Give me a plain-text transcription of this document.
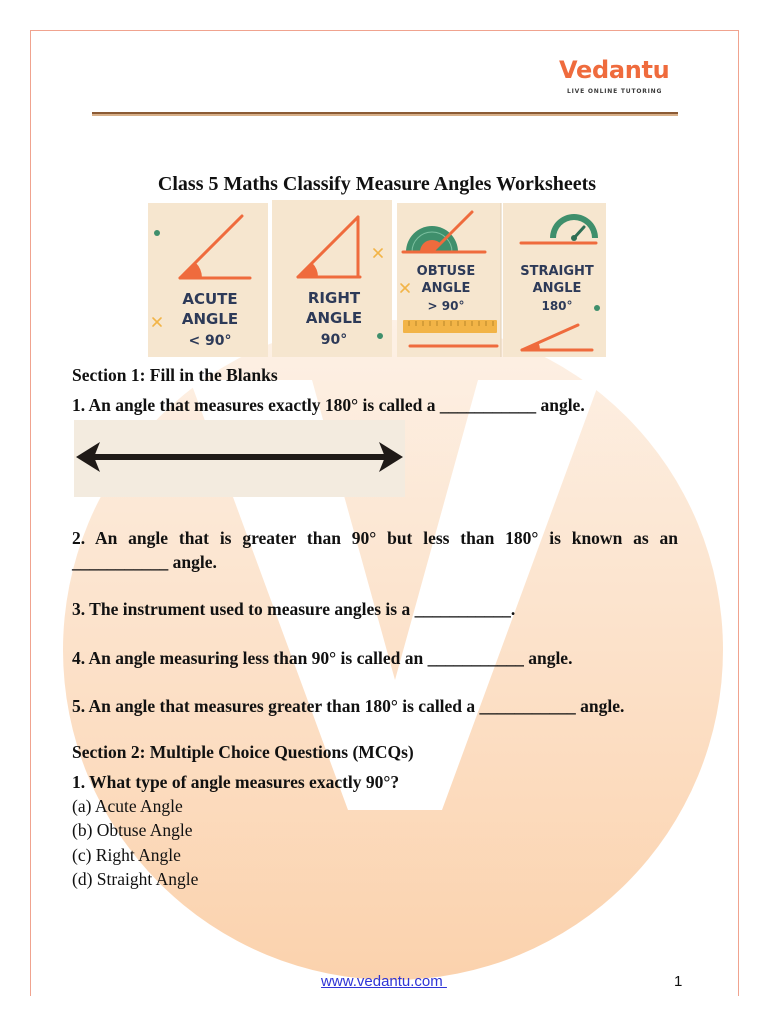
Vedantu
LIVE ONLINE TUTORING
Class 5 Maths Classify Measure Angles Worksheets
ACUTE
ANGLE
< 90°
RIGHT
ANGLE
90°
OBTUSE
ANGLE
> 90°
STRAIGHT
ANGLE
180°
Section 1: Fill in the Blanks

1. An angle that measures exactly 180° is called a ___________ angle.

2. An angle that is greater than 90° but less than 180° is known as an ___________ angle.

3. The instrument used to measure angles is a ___________.

4. An angle measuring less than 90° is called an ___________ angle.

5. An angle that measures greater than 180° is called a ___________ angle.

Section 2: Multiple Choice Questions (MCQs)

1. What type of angle measures exactly 90°?

(a) Acute Angle
(b) Obtuse Angle
(c) Right Angle
(d) Straight Angle
www.vedantu.com	1
